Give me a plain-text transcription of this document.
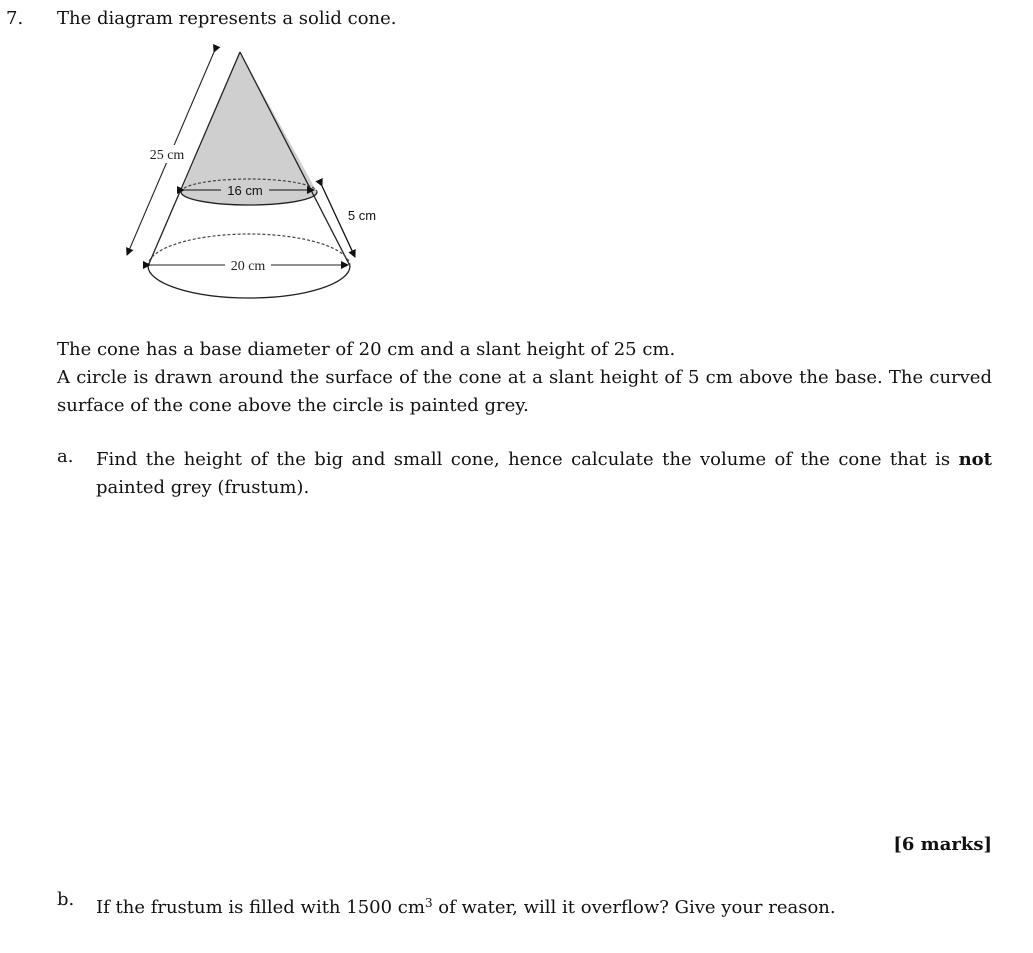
7. The diagram represents a solid cone.
25 cm
16 cm
5 cm
20 cm
The cone has a base diameter of 20 cm and a slant height of 25 cm.
A circle is drawn around the surface of the cone at a slant height of 5 cm above the base. The curved surface of the cone above the circle is painted grey.
a. Find the height of the big and small cone, hence calculate the volume of the cone that is not painted grey (frustum).
[6 marks]
b. If the frustum is filled with 1500 $cm^3$ of water, will it overflow? Give your reason.
